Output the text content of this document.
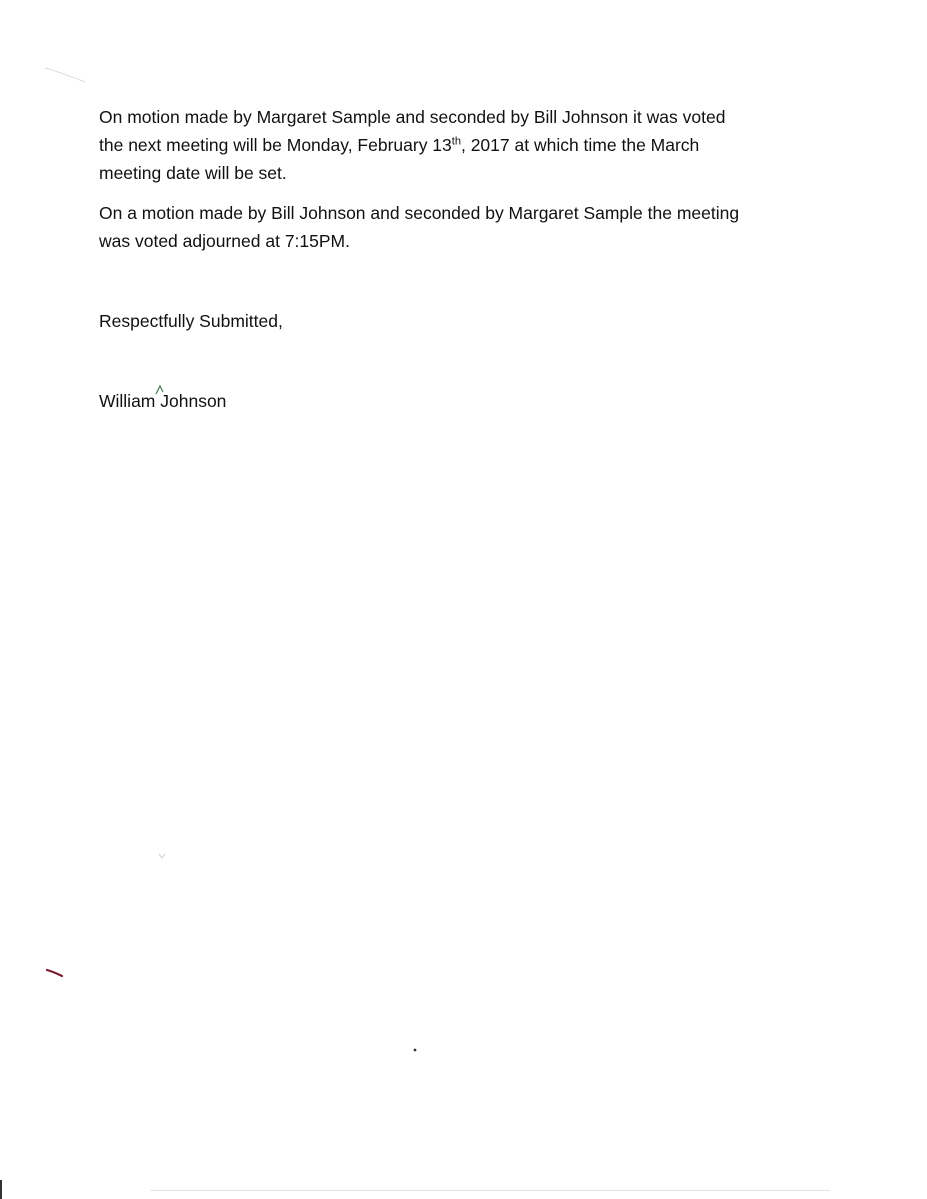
On motion made by Margaret Sample and seconded by Bill Johnson it was voted
the next meeting will be Monday, February 13th, 2017 at which time the March
meeting date will be set.

On a motion made by Bill Johnson and seconded by Margaret Sample the meeting
was voted adjourned at 7:15PM.

Respectfully Submitted,
William Johnson
